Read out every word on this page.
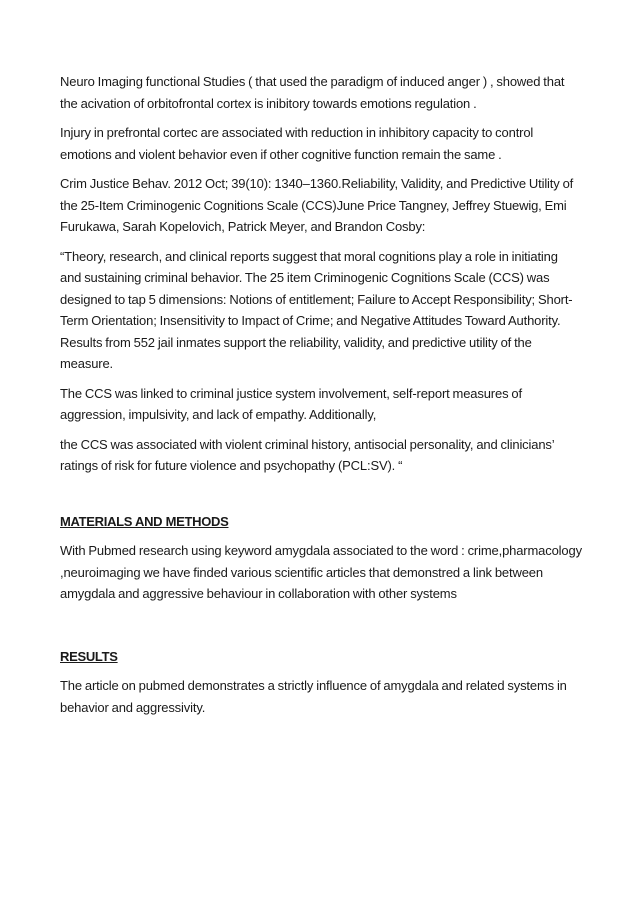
Neuro Imaging functional Studies ( that used the paradigm of induced anger ) , showed that the acivation of orbitofrontal cortex is inibitory towards emotions regulation .

Injury in prefrontal cortec are associated with reduction in inhibitory capacity to control emotions and violent behavior even if other cognitive function remain the same .

Crim Justice Behav. 2012 Oct; 39(10): 1340–1360.Reliability, Validity, and Predictive Utility of the 25-Item Criminogenic Cognitions Scale (CCS)June Price Tangney, Jeffrey Stuewig, Emi Furukawa, Sarah Kopelovich, Patrick Meyer, and Brandon Cosby:

“Theory, research, and clinical reports suggest that moral cognitions play a role in initiating and sustaining criminal behavior. The 25 item Criminogenic Cognitions Scale (CCS) was designed to tap 5 dimensions: Notions of entitlement; Failure to Accept Responsibility; Short-Term Orientation; Insensitivity to Impact of Crime; and Negative Attitudes Toward Authority. Results from 552 jail inmates support the reliability, validity, and predictive utility of the measure.

The CCS was linked to criminal justice system involvement, self-report measures of aggression, impulsivity, and lack of empathy. Additionally,

the CCS was associated with violent criminal history, antisocial personality, and clinicians’ ratings of risk for future violence and psychopathy (PCL:SV). “

MATERIALS AND METHODS

With Pubmed research using keyword amygdala associated to the word : crime,pharmacology ,neuroimaging we have finded various scientific articles that demonstred a link between amygdala and aggressive behaviour in collaboration with other systems

RESULTS

The article on pubmed demonstrates a strictly influence of amygdala and related systems in behavior and aggressivity.
